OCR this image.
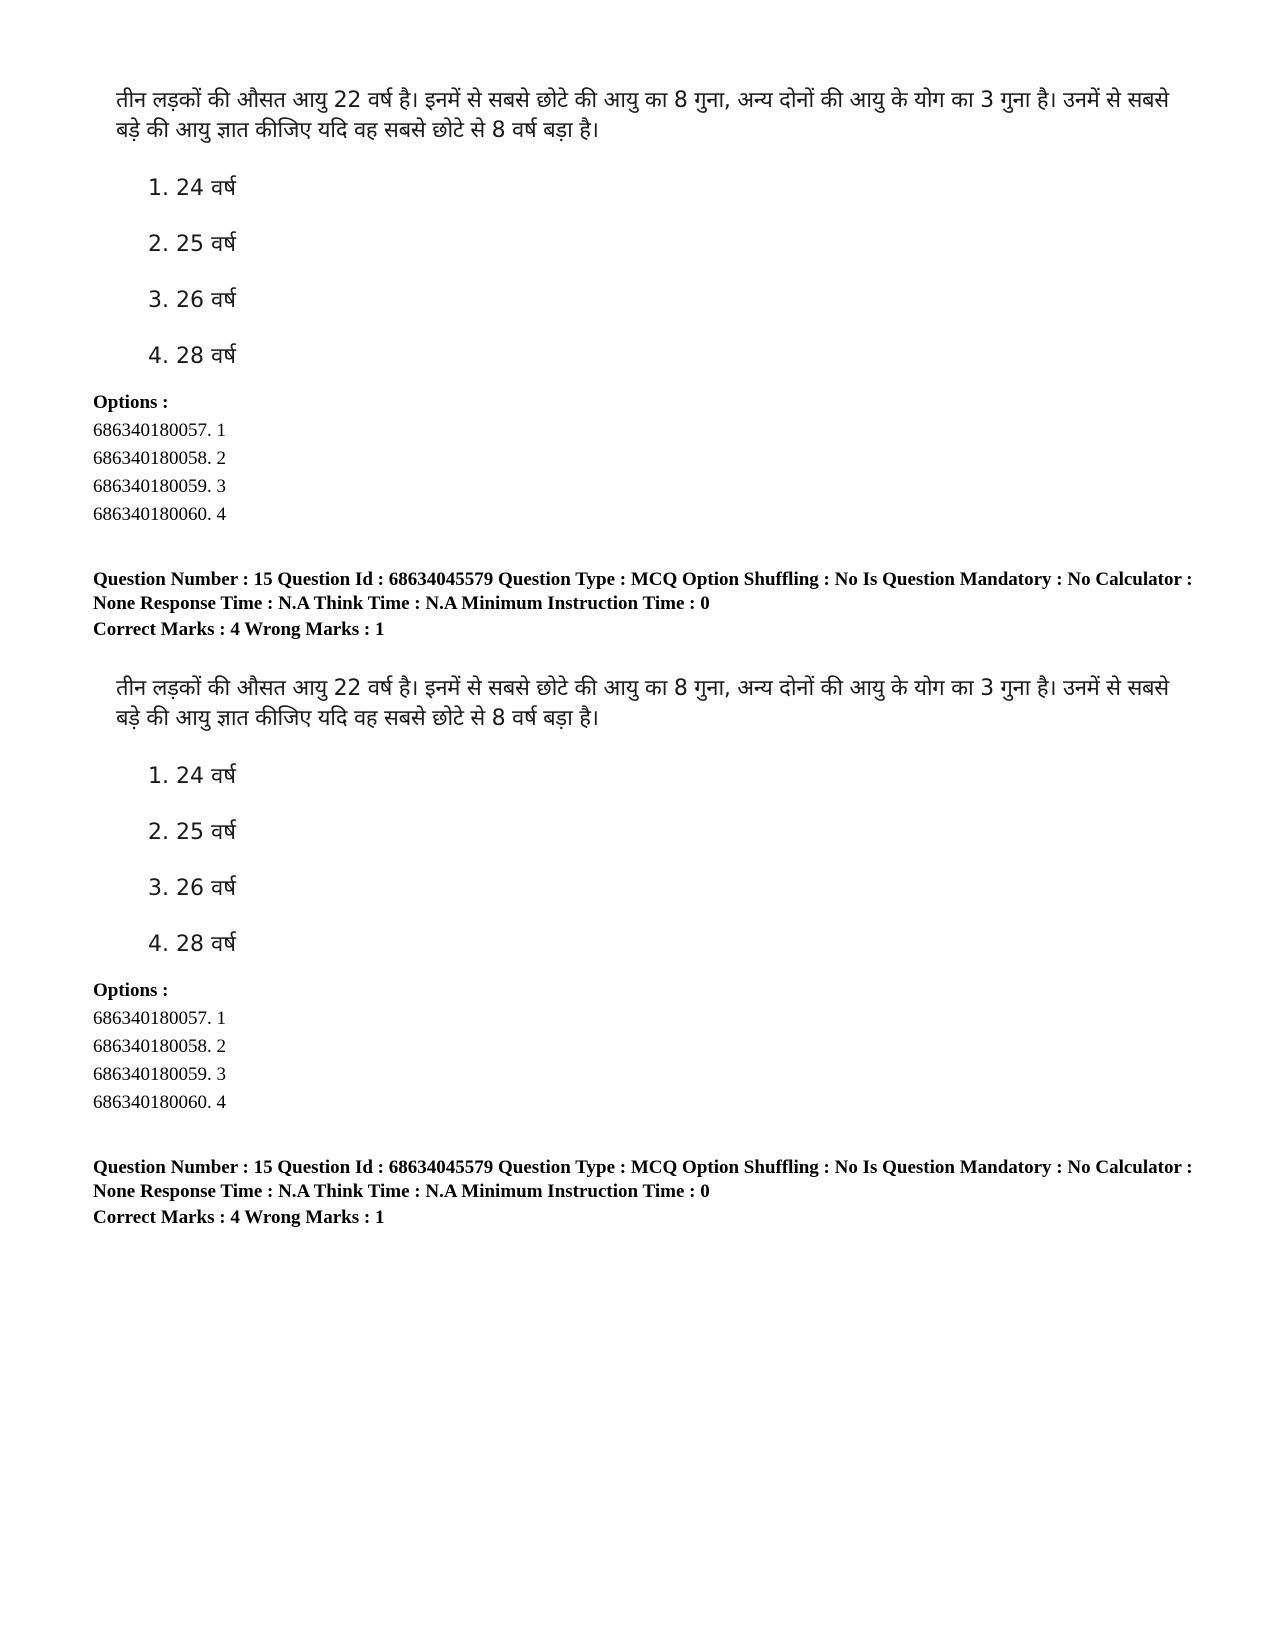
तीन लड़कों की औसत आयु 22 वर्ष है। इनमें से सबसे छोटे की आयु का 8 गुना, अन्य दोनों की आयु के योग का 3 गुना है। उनमें से सबसे बड़े की आयु ज्ञात कीजिए यदि वह सबसे छोटे से 8 वर्ष बड़ा है।
1. 24 वर्ष
2. 25 वर्ष
3. 26 वर्ष
4. 28 वर्ष
Options :
686340180057. 1
686340180058. 2
686340180059. 3
686340180060. 4
Question Number : 15 Question Id : 68634045579 Question Type : MCQ Option Shuffling : No Is Question Mandatory : No Calculator : None Response Time : N.A Think Time : N.A Minimum Instruction Time : 0
Correct Marks : 4 Wrong Marks : 1
तीन लड़कों की औसत आयु 22 वर्ष है। इनमें से सबसे छोटे की आयु का 8 गुना, अन्य दोनों की आयु के योग का 3 गुना है। उनमें से सबसे बड़े की आयु ज्ञात कीजिए यदि वह सबसे छोटे से 8 वर्ष बड़ा है।
1. 24 वर्ष
2. 25 वर्ष
3. 26 वर्ष
4. 28 वर्ष
Options :
686340180057. 1
686340180058. 2
686340180059. 3
686340180060. 4
Question Number : 15 Question Id : 68634045579 Question Type : MCQ Option Shuffling : No Is Question Mandatory : No Calculator : None Response Time : N.A Think Time : N.A Minimum Instruction Time : 0
Correct Marks : 4 Wrong Marks : 1
